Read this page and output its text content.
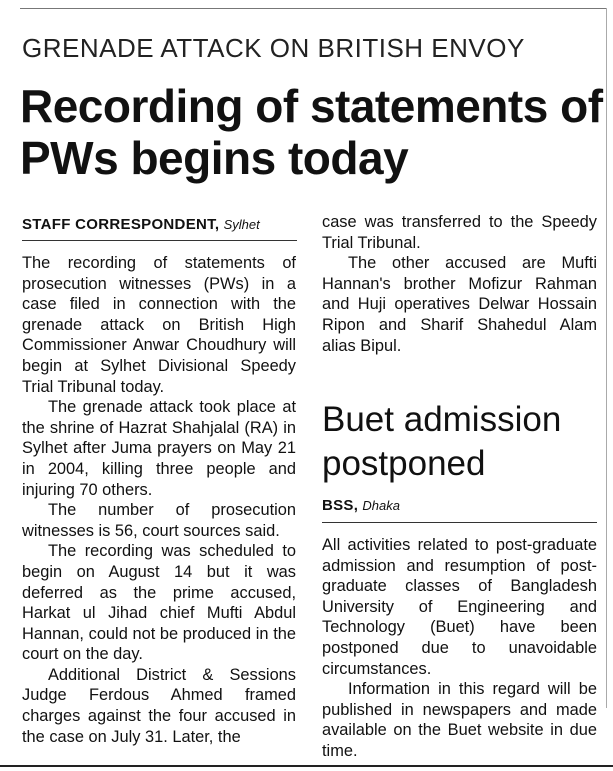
GRENADE ATTACK ON BRITISH ENVOY
Recording of statements of PWs begins today
STAFF CORRESPONDENT, Sylhet

The recording of statements of prosecution witnesses (PWs) in a case filed in connection with the grenade attack on British High Commissioner Anwar Choudhury will begin at Sylhet Divisional Speedy Trial Tribunal today.

The grenade attack took place at the shrine of Hazrat Shahjalal (RA) in Sylhet after Juma prayers on May 21 in 2004, killing three people and injuring 70 others.

The number of prosecution witnesses is 56, court sources said.

The recording was scheduled to begin on August 14 but it was deferred as the prime accused, Harkat ul Jihad chief Mufti Abdul Hannan, could not be produced in the court on the day.

Additional District & Sessions Judge Ferdous Ahmed framed charges against the four accused in the case on July 31. Later, the

case was transferred to the Speedy Trial Tribunal.

The other accused are Mufti Hannan's brother Mofizur Rahman and Huji operatives Delwar Hossain Ripon and Sharif Shahedul Alam alias Bipul.

Buet admission postponed
BSS, Dhaka

All activities related to post-graduate admission and resumption of post-graduate classes of Bangladesh University of Engineering and Technology (Buet) have been postponed due to unavoidable circumstances.

Information in this regard will be published in newspapers and made available on the Buet website in due time.
